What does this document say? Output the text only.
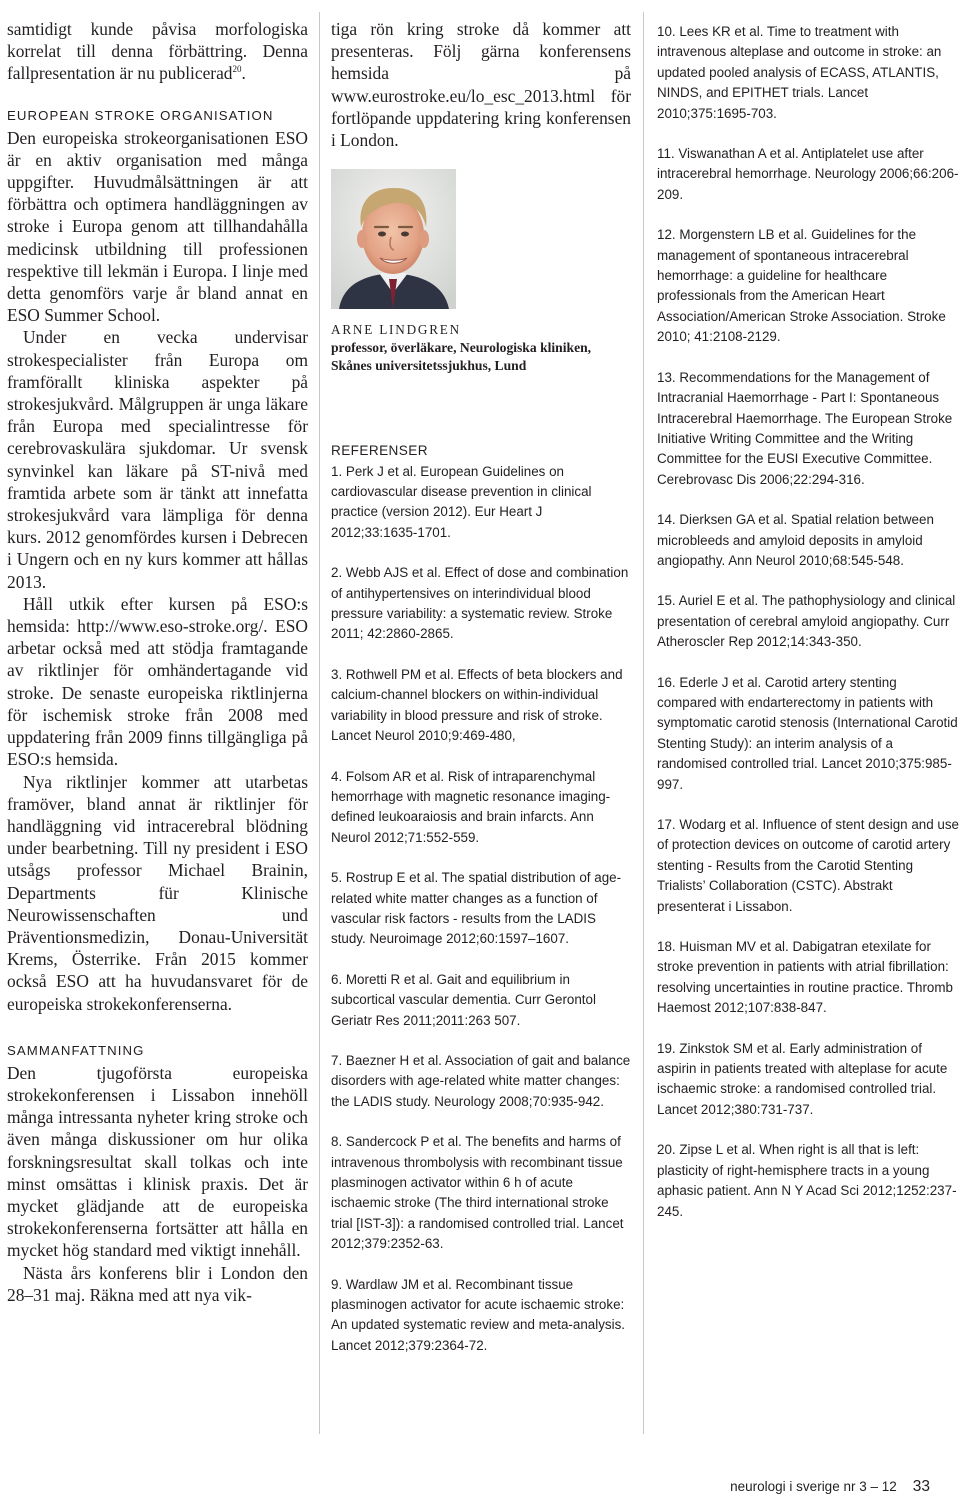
samtidigt kunde påvisa morfologiska korrelat till denna förbättring. Denna fallpresentation är nu publicerad$^{20}$.

EUROPEAN STROKE ORGANISATION

Den europeiska strokeorganisationen ESO är en aktiv organisation med många uppgifter. Huvudmålsättningen är att förbättra och optimera handläggningen av stroke i Europa genom att tillhandahålla medicinsk utbildning till professionen respektive till lekmän i Europa. I linje med detta genomförs varje år bland annat en ESO Summer School.

Under en vecka undervisar strokespecialister från Europa om framförallt kliniska aspekter på strokesjukvård. Målgruppen är unga läkare från Europa med specialintresse för cerebrovaskulära sjukdomar. Ur svensk synvinkel kan läkare på ST-nivå med framtida arbete som är tänkt att innefatta strokesjukvård vara lämpliga för denna kurs. 2012 genomfördes kursen i Debrecen i Ungern och en ny kurs kommer att hållas 2013.

Håll utkik efter kursen på ESO:s hemsida: http://www.eso-stroke.org/. ESO arbetar också med att stödja framtagande av riktlinjer för omhändertagande vid stroke. De senaste europeiska riktlinjerna för ischemisk stroke från 2008 med uppdatering från 2009 finns tillgängliga på ESO:s hemsida.

Nya riktlinjer kommer att utarbetas framöver, bland annat är riktlinjer för handläggning vid intracerebral blödning under bearbetning. Till ny president i ESO utsågs professor Michael Brainin, Departments für Klinische Neurowissenschaften und Präventionsmedizin, Donau-Universität Krems, Österrike. Från 2015 kommer också ESO att ha huvudansvaret för de europeiska strokekonferenserna.

SAMMANFATTNING

Den tjugoförsta europeiska strokekonferensen i Lissabon innehöll många intressanta nyheter kring stroke och även många diskussioner om hur olika forskningsresultat skall tolkas och inte minst omsättas i klinisk praxis. Det är mycket glädjande att de europeiska strokekonferenserna fortsätter att hålla en mycket hög standard med viktigt innehåll.

Nästa års konferens blir i London den 28–31 maj. Räkna med att nya vik-

tiga rön kring stroke då kommer att presenteras. Följ gärna konferensens hemsida på www.eurostroke.eu/lo_esc_2013.html för fortlöpande uppdatering kring konferensen i London.

ARNE LINDGREN
professor, överläkare, Neurologiska kliniken, Skånes universitetssjukhus, Lund
REFERENSER

1. Perk J et al. European Guidelines on cardiovascular disease prevention in clinical practice (version 2012). Eur Heart J 2012;33:1635-1701.

2. Webb AJS et al. Effect of dose and combination of antihypertensives on interindividual blood pressure variability: a systematic review. Stroke 2011; 42:2860-2865.

3. Rothwell PM et al. Effects of beta blockers and calcium-channel blockers on within-individual variability in blood pressure and risk of stroke. Lancet Neurol 2010;9:469-480,

4. Folsom AR et al. Risk of intraparenchymal hemorrhage with magnetic resonance imaging-defined leukoaraiosis and brain infarcts. Ann Neurol 2012;71:552-559.

5. Rostrup E et al. The spatial distribution of age-related white matter changes as a function of vascular risk factors - results from the LADIS study. Neuroimage 2012;60:1597–1607.

6. Moretti R et al. Gait and equilibrium in subcortical vascular dementia. Curr Gerontol Geriatr Res 2011;2011:263 507.

7. Baezner H et al. Association of gait and balance disorders with age-related white matter changes: the LADIS study. Neurology 2008;70:935-942.

8. Sandercock P et al. The benefits and harms of intravenous thrombolysis with recombinant tissue plasminogen activator within 6 h of acute ischaemic stroke (The third international stroke trial [IST-3]): a randomised controlled trial. Lancet 2012;379:2352-63.

9. Wardlaw JM et al. Recombinant tissue plasminogen activator for acute ischaemic stroke: An updated systematic review and meta-analysis. Lancet 2012;379:2364-72.

10. Lees KR et al. Time to treatment with intravenous alteplase and outcome in stroke: an updated pooled analysis of ECASS, ATLANTIS, NINDS, and EPITHET trials. Lancet 2010;375:1695-703.

11. Viswanathan A et al. Antiplatelet use after intracerebral hemorrhage. Neurology 2006;66:206-209.

12. Morgenstern LB et al. Guidelines for the management of spontaneous intracerebral hemorrhage: a guideline for healthcare professionals from the American Heart Association/American Stroke Association. Stroke 2010; 41:2108-2129.

13. Recommendations for the Management of Intracranial Haemorrhage - Part I: Spontaneous Intracerebral Haemorrhage. The European Stroke Initiative Writing Committee and the Writing Committee for the EUSI Executive Committee. Cerebrovasc Dis 2006;22:294-316.

14. Dierksen GA et al. Spatial relation between microbleeds and amyloid deposits in amyloid angiopathy. Ann Neurol 2010;68:545-548.

15. Auriel E et al. The pathophysiology and clinical presentation of cerebral amyloid angiopathy. Curr Atheroscler Rep 2012;14:343-350.

16. Ederle J et al. Carotid artery stenting compared with endarterectomy in patients with symptomatic carotid stenosis (International Carotid Stenting Study): an interim analysis of a randomised controlled trial. Lancet 2010;375:985-997.

17. Wodarg et al. Influence of stent design and use of protection devices on outcome of carotid artery stenting - Results from the Carotid Stenting Trialists’ Collaboration (CSTC). Abstrakt presenterat i Lissabon.

18. Huisman MV et al. Dabigatran etexilate for stroke prevention in patients with atrial fibrillation: resolving uncertainties in routine practice. Thromb Haemost 2012;107:838-847.

19. Zinkstok SM et al. Early administration of aspirin in patients treated with alteplase for acute ischaemic stroke: a randomised controlled trial. Lancet 2012;380:731-737.

20. Zipse L et al. When right is all that is left: plasticity of right-hemisphere tracts in a young aphasic patient. Ann N Y Acad Sci 2012;1252:237-245.

neurologi i sverige nr 3 – 12 33
